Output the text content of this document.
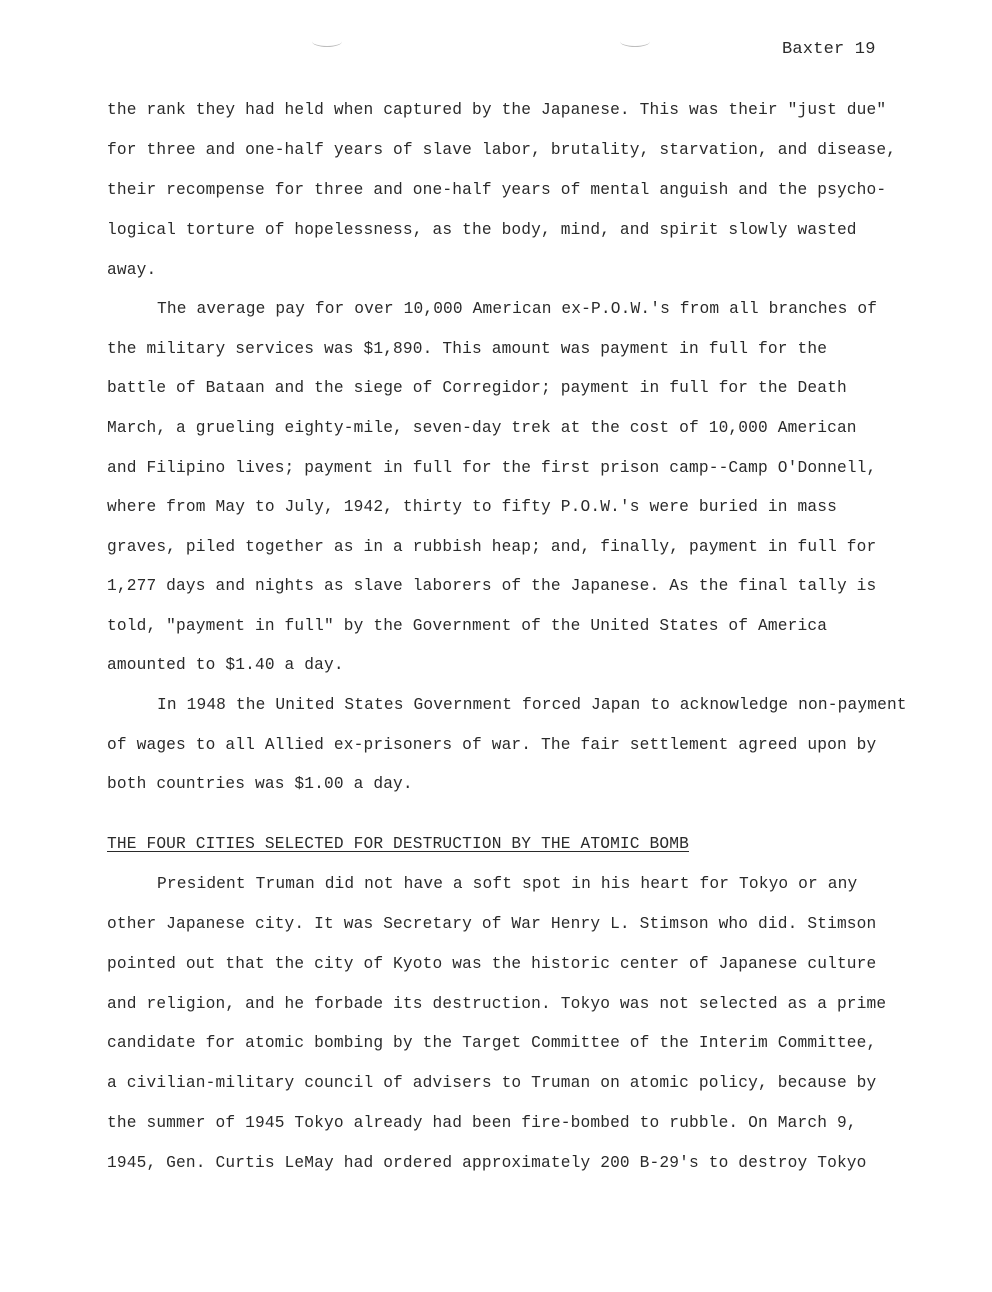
Baxter 19
the rank they had held when captured by the Japanese. This was their "just due"
for three and one-half years of slave labor, brutality, starvation, and disease,
their recompense for three and one-half years of mental anguish and the psycho-
logical torture of hopelessness, as the body, mind, and spirit slowly wasted
away.
The average pay for over 10,000 American ex-P.O.W.'s from all branches of
the military services was $1,890. This amount was payment in full for the
battle of Bataan and the siege of Corregidor; payment in full for the Death
March, a grueling eighty-mile, seven-day trek at the cost of 10,000 American
and Filipino lives; payment in full for the first prison camp--Camp O'Donnell,
where from May to July, 1942, thirty to fifty P.O.W.'s were buried in mass
graves, piled together as in a rubbish heap; and, finally, payment in full for
1,277 days and nights as slave laborers of the Japanese. As the final tally is
told, "payment in full" by the Government of the United States of America
amounted to $1.40 a day.
In 1948 the United States Government forced Japan to acknowledge non-payment
of wages to all Allied ex-prisoners of war. The fair settlement agreed upon by
both countries was $1.00 a day.
THE FOUR CITIES SELECTED FOR DESTRUCTION BY THE ATOMIC BOMB
President Truman did not have a soft spot in his heart for Tokyo or any
other Japanese city. It was Secretary of War Henry L. Stimson who did. Stimson
pointed out that the city of Kyoto was the historic center of Japanese culture
and religion, and he forbade its destruction. Tokyo was not selected as a prime
candidate for atomic bombing by the Target Committee of the Interim Committee,
a civilian-military council of advisers to Truman on atomic policy, because by
the summer of 1945 Tokyo already had been fire-bombed to rubble. On March 9,
1945, Gen. Curtis LeMay had ordered approximately 200 B-29's to destroy Tokyo
